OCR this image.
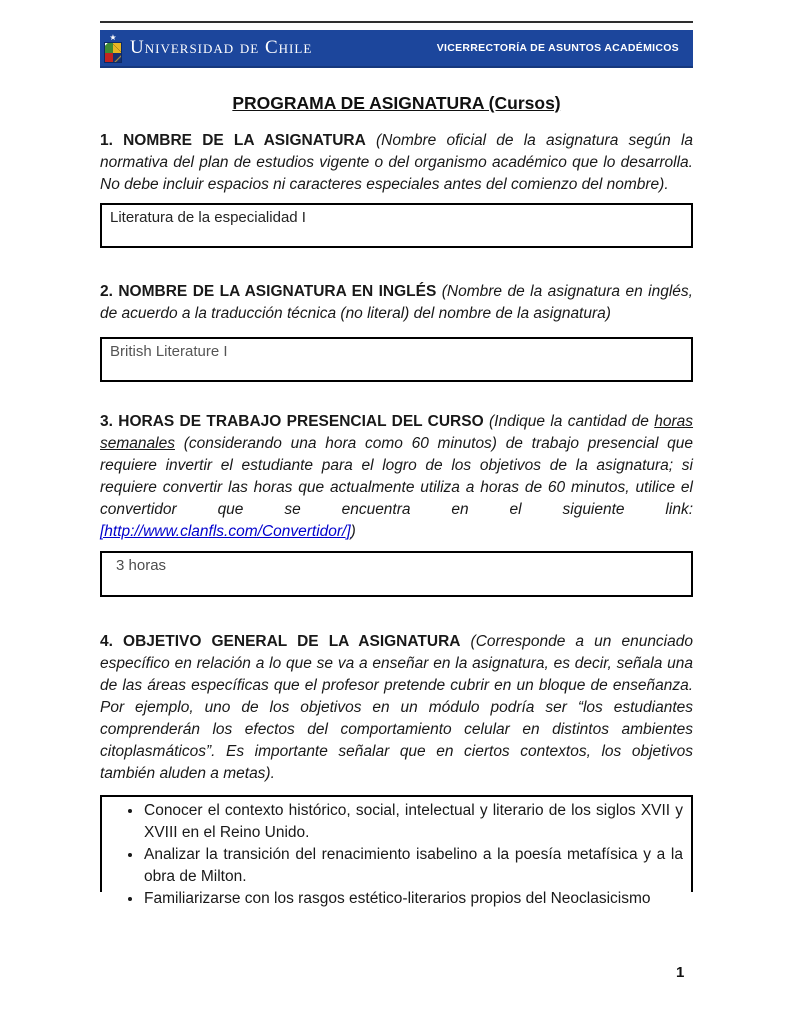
★ Universidad de Chile	VICERRECTORÍA DE ASUNTOS ACADÉMICOS
PROGRAMA DE ASIGNATURA (Cursos)

1. NOMBRE DE LA ASIGNATURA (Nombre oficial de la asignatura según la normativa del plan de estudios vigente o del organismo académico que lo desarrolla. No debe incluir espacios ni caracteres especiales antes del comienzo del nombre).

Literatura de la especialidad I

2. NOMBRE DE LA ASIGNATURA EN INGLÉS (Nombre de la asignatura en inglés, de acuerdo a la traducción técnica (no literal) del nombre de la asignatura)

British Literature I

3. HORAS DE TRABAJO PRESENCIAL DEL CURSO (Indique la cantidad de horas semanales (considerando una hora como 60 minutos) de trabajo presencial que requiere invertir el estudiante para el logro de los objetivos de la asignatura; si requiere convertir las horas que actualmente utiliza a horas de 60 minutos, utilice el convertidor que se encuentra en el siguiente link: [http://www.clanfls.com/Convertidor/])

3 horas

4. OBJETIVO GENERAL DE LA ASIGNATURA (Corresponde a un enunciado específico en relación a lo que se va a enseñar en la asignatura, es decir, señala una de las áreas específicas que el profesor pretende cubrir en un bloque de enseñanza. Por ejemplo, uno de los objetivos en un módulo podría ser “los estudiantes comprenderán los efectos del comportamiento celular en distintos ambientes citoplasmáticos”. Es importante señalar que en ciertos contextos, los objetivos también aluden a metas).

• Conocer el contexto histórico, social, intelectual y literario de los siglos XVII y XVIII en el Reino Unido.
• Analizar la transición del renacimiento isabelino a la poesía metafísica y a la obra de Milton.
• Familiarizarse con los rasgos estético-literarios propios del Neoclasicismo
1
